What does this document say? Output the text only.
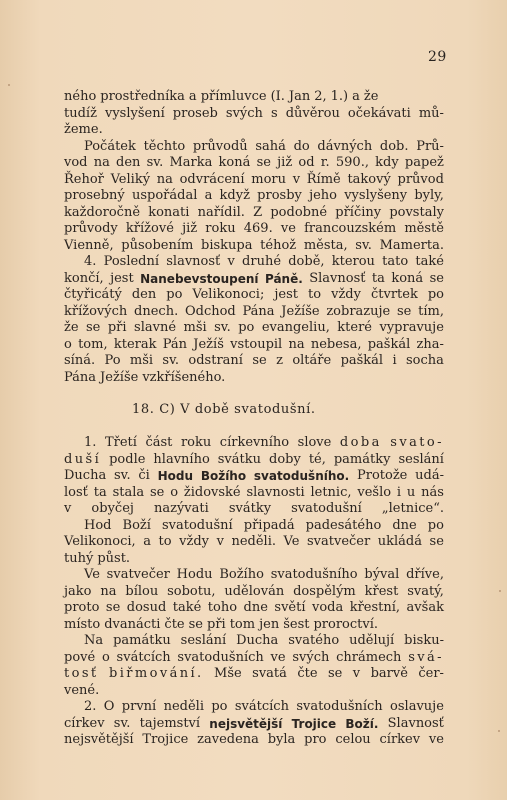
29
ného prostředníka a přímluvce (I. Jan 2, 1.) a že
tudíž vyslyšení proseb svých s důvěrou očekávati mů-
žeme.
Počátek těchto průvodů sahá do dávných dob. Prů-
vod na den sv. Marka koná se již od r. 590., kdy papež
Řehoř Veliký na odvrácení moru v Římě takový průvod
prosebný uspořádal a když prosby jeho vyslyšeny byly,
každoročně konati nařídil. Z podobné příčiny povstaly
průvody křížové již roku 469. ve francouzském městě
Vienně, působením biskupa téhož města, sv. Mamerta.
4. Poslední slavnosť v druhé době, kterou tato také
končí, jest Nanebevstoupení Páně. Slavnosť ta koná se
čtyřicátý den po Velikonoci; jest to vždy čtvrtek po
křížových dnech. Odchod Pána Ježíše zobrazuje se tím,
že se při slavné mši sv. po evangeliu, které vypravuje
o tom, kterak Pán Ježíš vstoupil na nebesa, paškál zha-
síná. Po mši sv. odstraní se z oltáře paškál i socha
Pána Ježíše vzkříšeného.
18. C) V době svatodušní.
1. Třetí část roku církevního slove doba svato-
duší podle hlavního svátku doby té, památky seslání
Ducha sv. či Hodu Božího svatodušního. Protože udá-
losť ta stala se o židovské slavnosti letnic, vešlo i u nás
v obyčej nazývati svátky svatodušní „letnice“.
Hod Boží svatodušní připadá padesátého dne po
Velikonoci, a to vždy v neděli. Ve svatvečer ukládá se
tuhý půst.
Ve svatvečer Hodu Božího svatodušního býval dříve,
jako na bílou sobotu, udělován dospělým křest svatý,
proto se dosud také toho dne světí voda křestní, avšak
místo dvanácti čte se při tom jen šest proroctví.
Na památku seslání Ducha svatého udělují bisku-
pové o svátcích svatodušních ve svých chrámech svá-
tosť biřmování. Mše svatá čte se v barvě čer-
vené.
2. O první neděli po svátcích svatodušních oslavuje
církev sv. tajemství nejsvětější Trojice Boží. Slavnosť
nejsvětější Trojice zavedena byla pro celou církev ve
